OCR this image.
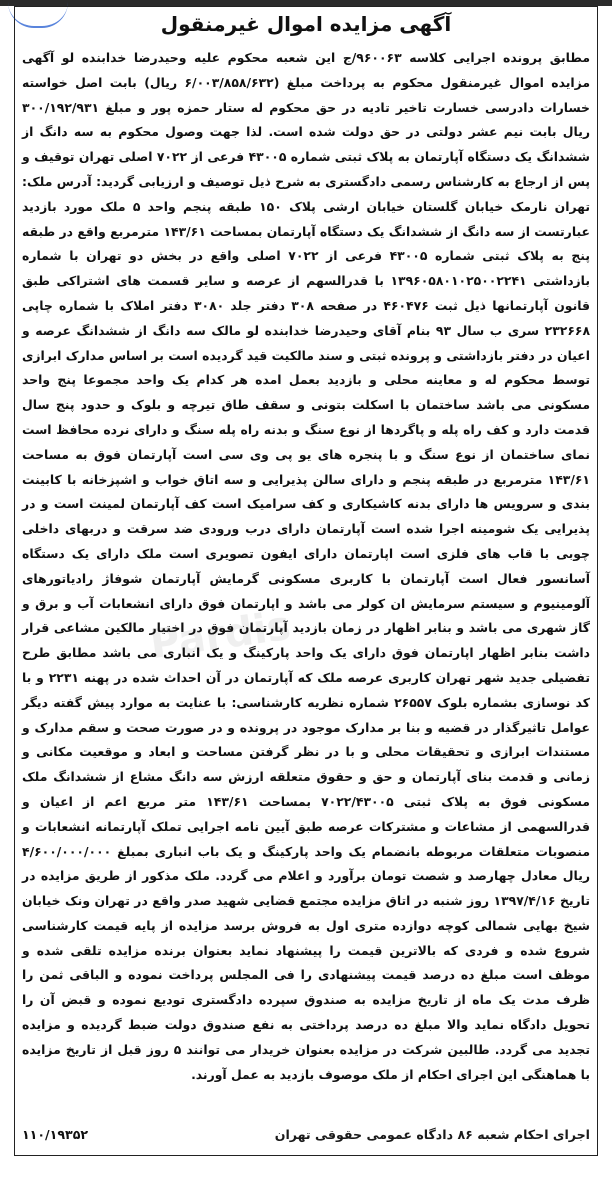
آگهی مزایده اموال غیرمنقول
مطابق پرونده اجرایی کلاسه ۹۶۰۰۶۳/ج این شعبه محکوم علیه وحیدرضا خدابنده لو آگهی مزایده اموال غیرمنقول محکوم به پرداخت مبلغ (۶/۰۰۳/۸۵۸/۶۳۲ ریال) بابت اصل خواسته خسارات دادرسی خسارت تاخیر تادیه در حق محکوم له ستار حمزه پور و مبلغ ۳۰۰/۱۹۲/۹۳۱ ریال بابت نیم عشر دولتی در حق دولت شده است. لذا جهت وصول محکوم به سه دانگ از ششدانگ یک دستگاه آپارتمان به پلاک ثبتی شماره ۴۳۰۰۵ فرعی از ۷۰۲۲ اصلی تهران توقیف و پس از ارجاع به کارشناس رسمی دادگستری به شرح ذیل توصیف و ارزیابی گردید: آدرس ملک: تهران نارمک خیابان گلستان خیابان ارشی پلاک ۱۵۰ طبقه پنجم واحد ۵ ملک مورد بازدید عبارتست از سه دانگ از ششدانگ یک دستگاه آپارتمان بمساحت ۱۴۳/۶۱ مترمربع واقع در طبقه پنج به پلاک ثبتی شماره ۴۳۰۰۵ فرعی از ۷۰۲۲ اصلی واقع در بخش دو تهران با شماره بازداشتی ۱۳۹۶۰۵۸۰۱۰۲۵۰۰۲۲۴۱ با قدرالسهم از عرصه و سایر قسمت های اشتراکی طبق قانون آپارتمانها ذیل ثبت ۴۶۰۴۷۶ در صفحه ۳۰۸ دفتر جلد ۳۰۸۰ دفتر املاک با شماره چاپی ۲۳۲۶۶۸ سری ب سال ۹۳ بنام آقای وحیدرضا خدابنده لو مالک سه دانگ از ششدانگ عرصه و اعیان در دفتر بازداشتی و پرونده ثبتی و سند مالکیت قید گردیده است بر اساس مدارک ابرازی توسط محکوم له و معاینه محلی و بازدید بعمل امده هر کدام یک واحد مجموعا پنج واحد مسکونی می باشد ساختمان با اسکلت بتونی و سقف طاق تیرچه و بلوک و حدود پنج سال قدمت دارد و کف راه پله و پاگردها از نوع سنگ و بدنه راه پله سنگ و دارای نرده محافظ است نمای ساختمان از نوع سنگ و با پنجره های یو پی وی سی است آپارتمان فوق به مساحت ۱۴۳/۶۱ مترمربع در طبقه پنجم و دارای سالن پذیرایی و سه اتاق خواب و اشپزخانه با کابینت بندی و سرویس ها دارای بدنه کاشیکاری و کف سرامیک است کف آپارتمان لمینت است و در پذیرایی یک شومینه اجرا شده است آپارتمان دارای درب ورودی ضد سرقت و دربهای داخلی چوبی با قاب های فلزی است اپارتمان دارای ایفون تصویری است ملک دارای یک دستگاه آسانسور فعال است آپارتمان با کاربری مسکونی گرمایش آپارتمان شوفاژ رادیاتورهای آلومینیوم و سیستم سرمایش ان کولر می باشد و اپارتمان فوق دارای انشعابات آب و برق و گاز شهری می باشد و بنابر اظهار در زمان بازدید آپارتمان فوق در اختیار مالکین مشاعی قرار داشت بنابر اظهار اپارتمان فوق دارای یک واحد پارکینگ و یک انباری می باشد مطابق طرح تفضیلی جدید شهر تهران کاربری عرصه ملک که آپارتمان در آن احداث شده در پهنه ۲۲۳۱ و با کد نوسازی بشماره بلوک ۲۶۵۵۷ شماره نظریه کارشناسی: با عنایت به موارد پیش گفته دیگر عوامل تاثیرگذار در قضیه و بنا بر مدارک موجود در پرونده و در صورت صحت و سقم مدارک و مستندات ابرازی و تحقیقات محلی و با در نظر گرفتن مساحت و ابعاد و موقعیت مکانی و زمانی و قدمت بنای آپارتمان و حق و حقوق متعلقه ارزش سه دانگ مشاع از ششدانگ ملک مسکونی فوق به پلاک ثبتی ۷۰۲۲/۴۳۰۰۵ بمساحت ۱۴۳/۶۱ متر مربع اعم از اعیان و قدرالسهمی از مشاعات و مشترکات عرصه طبق آیین نامه اجرایی تملک آپارتمانه انشعابات و منصوبات متعلقات مربوطه بانضمام یک واحد پارکینگ و یک باب انباری بمبلغ ۴/۶۰۰/۰۰۰/۰۰۰ ریال معادل چهارصد و شصت تومان برآورد و اعلام می گردد. ملک مذکور از طریق مزایده در تاریخ ۱۳۹۷/۴/۱۶ روز شنبه در اتاق مزایده مجتمع قضایی شهید صدر واقع در تهران ونک خیابان شیخ بهایی شمالی کوچه دوازده متری اول به فروش برسد مزایده از پایه قیمت کارشناسی شروع شده و فردی که بالاترین قیمت را پیشنهاد نماید بعنوان برنده مزایده تلقی شده و موظف است مبلغ ده درصد قیمت پیشنهادی را فی المجلس پرداخت نموده و الباقی ثمن را ظرف مدت یک ماه از تاریخ مزایده به صندوق سپرده دادگستری تودیع نموده و قبض آن را تحویل دادگاه نماید والا مبلغ ده درصد پرداختی به نفع صندوق دولت ضبط گردیده و مزایده تجدید می گردد. طالبین شرکت در مزایده بعنوان خریدار می توانند ۵ روز قبل از تاریخ مزایده با هماهنگی این اجرای احکام از ملک موصوف بازدید به عمل آورند.
اجرای احکام شعبه ۸۶ دادگاه عمومی حقوقی تهران
۱۱۰/۱۹۳۵۲
Pardis
